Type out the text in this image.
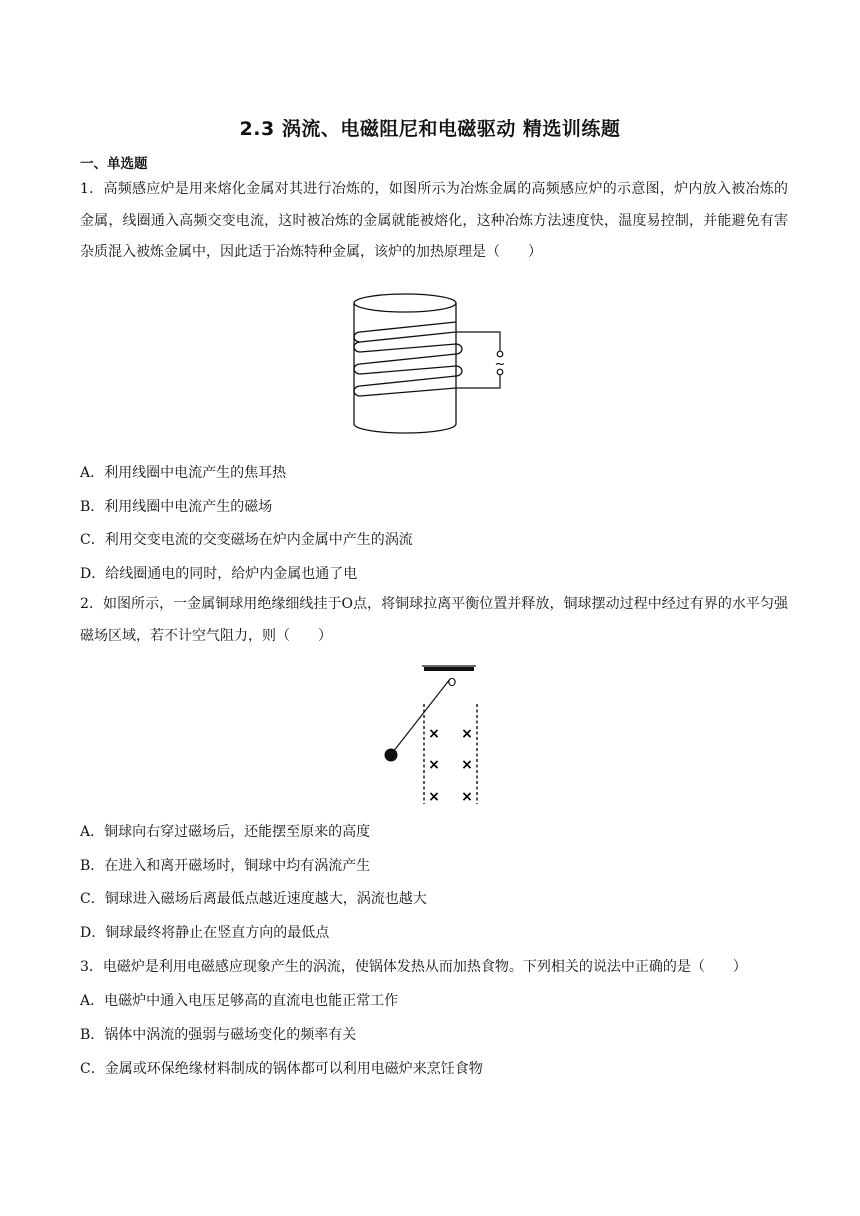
2.3 涡流、电磁阻尼和电磁驱动 精选训练题
一、单选题
1．高频感应炉是用来熔化金属对其进行冶炼的，如图所示为冶炼金属的高频感应炉的示意图，炉内放入被冶炼的金属，线圈通入高频交变电流，这时被冶炼的金属就能被熔化，这种冶炼方法速度快，温度易控制，并能避免有害杂质混入被炼金属中，因此适于冶炼特种金属，该炉的加热原理是（　　）
~
A．利用线圈中电流产生的焦耳热
B．利用线圈中电流产生的磁场
C．利用交变电流的交变磁场在炉内金属中产生的涡流
D．给线圈通电的同时，给炉内金属也通了电
2．如图所示，一金属铜球用绝缘细线挂于O点，将铜球拉离平衡位置并释放，铜球摆动过程中经过有界的水平匀强磁场区域，若不计空气阻力，则（　　）
O
× ×
× ×
× ×
A．铜球向右穿过磁场后，还能摆至原来的高度
B．在进入和离开磁场时，铜球中均有涡流产生
C．铜球进入磁场后离最低点越近速度越大，涡流也越大
D．铜球最终将静止在竖直方向的最低点
3．电磁炉是利用电磁感应现象产生的涡流，使锅体发热从而加热食物。下列相关的说法中正确的是（　　）
A．电磁炉中通入电压足够高的直流电也能正常工作
B．锅体中涡流的强弱与磁场变化的频率有关
C．金属或环保绝缘材料制成的锅体都可以利用电磁炉来烹饪食物
